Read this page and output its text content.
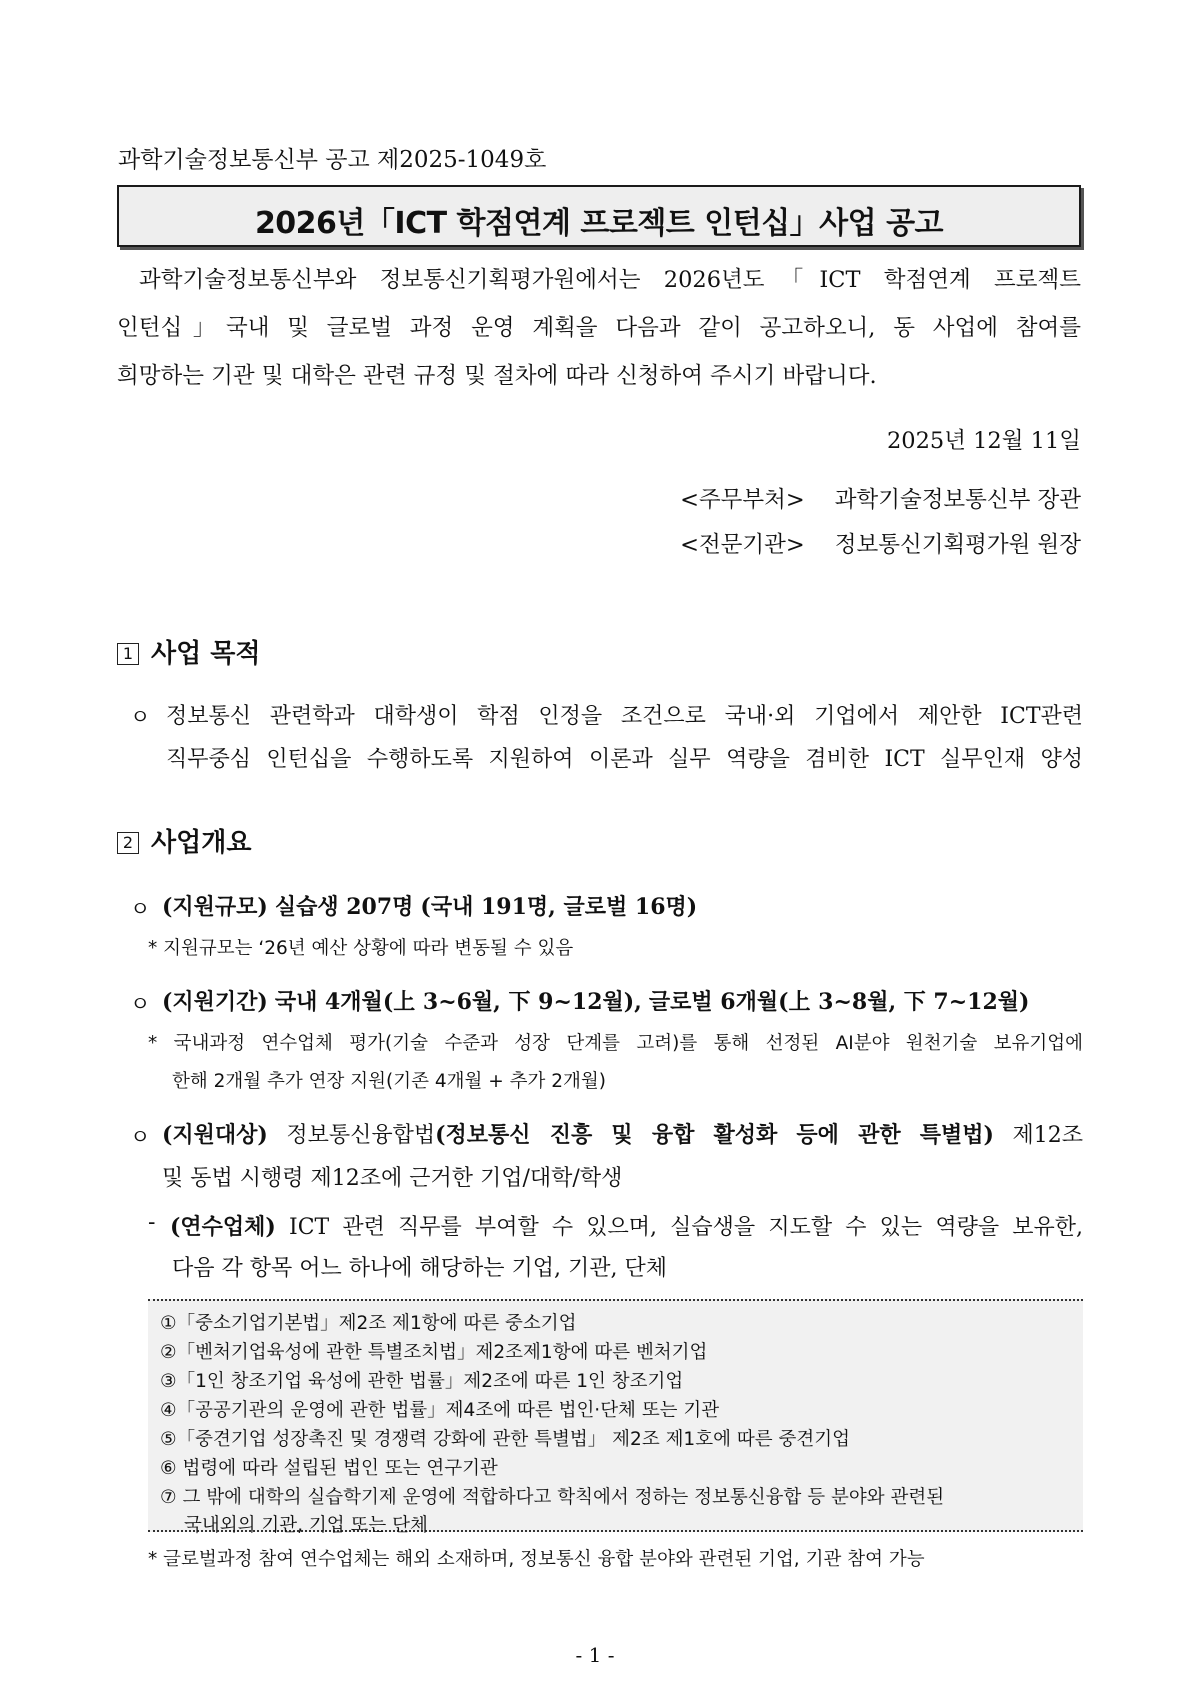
과학기술정보통신부 공고 제2025-1049호
2026년「ICT 학점연계 프로젝트 인턴십」사업 공고
과학기술정보통신부와 정보통신기획평가원에서는 2026년도「ICT 학점연계 프로젝트
인턴십」국내 및 글로벌 과정 운영 계획을 다음과 같이 공고하오니, 동 사업에 참여를
희망하는 기관 및 대학은 관련 규정 및 절차에 따라 신청하여 주시기 바랍니다.
2025년 12월 11일
<주무부처> 과학기술정보통신부 장관
<전문기관> 정보통신기획평가원 원장
1 사업 목적
ㅇ 정보통신 관련학과 대학생이 학점 인정을 조건으로 국내·외 기업에서 제안한 ICT관련
직무중심 인턴십을 수행하도록 지원하여 이론과 실무 역량을 겸비한 ICT 실무인재 양성
2 사업개요
ㅇ (지원규모) 실습생 207명 (국내 191명, 글로벌 16명)
* 지원규모는 ‘26년 예산 상황에 따라 변동될 수 있음
ㅇ (지원기간) 국내 4개월(上 3~6월, 下 9~12월), 글로벌 6개월(上 3~8월, 下 7~12월)
* 국내과정 연수업체 평가(기술 수준과 성장 단계를 고려)를 통해 선정된 AI분야 원천기술 보유기업에
한해 2개월 추가 연장 지원(기존 4개월 + 추가 2개월)
ㅇ (지원대상) 정보통신융합법(정보통신 진흥 및 융합 활성화 등에 관한 특별법) 제12조
및 동법 시행령 제12조에 근거한 기업/대학/학생
- (연수업체) ICT 관련 직무를 부여할 수 있으며, 실습생을 지도할 수 있는 역량을 보유한,
다음 각 항목 어느 하나에 해당하는 기업, 기관, 단체
①「중소기업기본법」제2조 제1항에 따른 중소기업
②「벤처기업육성에 관한 특별조치법」제2조제1항에 따른 벤처기업
③「1인 창조기업 육성에 관한 법률」제2조에 따른 1인 창조기업
④「공공기관의 운영에 관한 법률」제4조에 따른 법인·단체 또는 기관
⑤「중견기업 성장촉진 및 경쟁력 강화에 관한 특별법」 제2조 제1호에 따른 중견기업
⑥ 법령에 따라 설립된 법인 또는 연구기관
⑦ 그 밖에 대학의 실습학기제 운영에 적합하다고 학칙에서 정하는 정보통신융합 등 분야와 관련된
국내외의 기관, 기업 또는 단체
* 글로벌과정 참여 연수업체는 해외 소재하며, 정보통신 융합 분야와 관련된 기업, 기관 참여 가능
- 1 -
